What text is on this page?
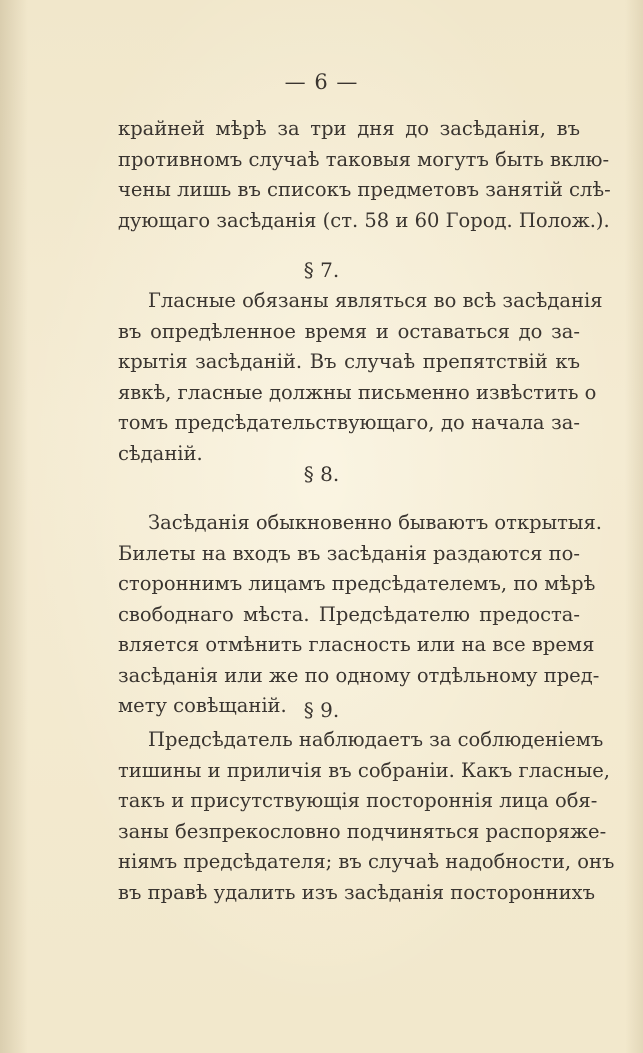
— 6 —
крайней мѣрѣ за три дня до засѣданія, въ
противномъ случаѣ таковыя могутъ быть вклю-
чены лишь въ списокъ предметовъ занятій слѣ-
дующаго засѣданія (ст. 58 и 60 Город. Полож.).
§ 7.
Гласные обязаны являться во всѣ засѣданія
въ опредѣленное время и оставаться до за-
крытія засѣданій. Въ случаѣ препятствій къ
явкѣ, гласные должны письменно извѣстить о
томъ предсѣдательствующаго, до начала за-
сѣданій.
§ 8.
Засѣданія обыкновенно бываютъ открытыя.
Билеты на входъ въ засѣданія раздаются по-
стороннимъ лицамъ предсѣдателемъ, по мѣрѣ
свободнаго мѣста. Предсѣдателю предоста-
вляется отмѣнить гласность или на все время
засѣданія или же по одному отдѣльному пред-
мету совѣщаній. § 9.
Предсѣдатель наблюдаетъ за соблюденіемъ
тишины и приличія въ собраніи. Какъ гласные,
такъ и присутствующія постороннія лица обя-
заны безпрекословно подчиняться распоряже-
ніямъ предсѣдателя; въ случаѣ надобности, онъ
въ правѣ удалить изъ засѣданія постороннихъ
